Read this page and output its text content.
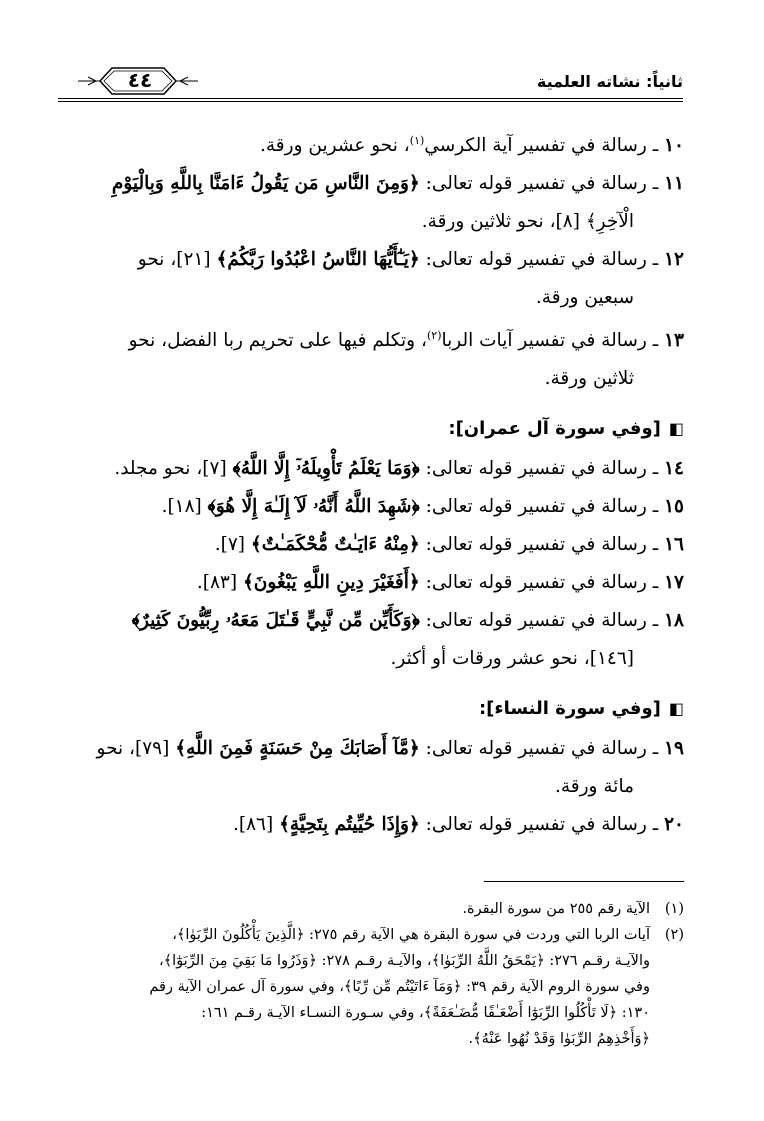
ثانياً: نشاته العلمية
٤٤
١٠ـ رسالة في تفسير آية الكرسي$^{(١)}$، نحو عشرين ورقة.
١١ـ رسالة في تفسير قوله تعالى: ﴿وَمِنَ النَّاسِ مَن يَقُولُ ءَامَنَّا بِاللَّهِ وَبِالْيَوْمِ
الْآخِرِ﴾ [٨]، نحو ثلاثين ورقة.
١٢ـ رسالة في تفسير قوله تعالى: ﴿يَـٰٓأَيُّهَا النَّاسُ اعْبُدُوا رَبَّكُمُ﴾ [٢١]، نحو
سبعين ورقة.
١٣ـ رسالة في تفسير آيات الربا$^{(٢)}$، وتكلم فيها على تحريم ربا الفضل، نحو
ثلاثين ورقة.
◧[وفي سورة آل عمران]:
١٤ـ رسالة في تفسير قوله تعالى: ﴿وَمَا يَعْلَمُ تَأْوِيلَهُۥٓ إِلَّا اللَّهُ﴾ [٧]، نحو مجلد.
١٥ـ رسالة في تفسير قوله تعالى: ﴿شَهِدَ اللَّهُ أَنَّهُۥ لَآ إِلَـٰهَ إِلَّا هُوَ﴾ [١٨].
١٦ـ رسالة في تفسير قوله تعالى: ﴿مِنْهُ ءَايَـٰتٌ مُّحْكَمَـٰتٌ﴾ [٧].
١٧ـ رسالة في تفسير قوله تعالى: ﴿أَفَغَيْرَ دِينِ اللَّهِ يَبْغُونَ﴾ [٨٣].
١٨ـ رسالة في تفسير قوله تعالى: ﴿وَكَأَيِّن مِّن نَّبِيٍّ قَـٰتَلَ مَعَهُۥ رِبِّيُّونَ كَثِيرٌ﴾
[١٤٦]، نحو عشر ورقات أو أكثر.
◧[وفي سورة النساء]:
١٩ـ رسالة في تفسير قوله تعالى: ﴿مَّآ أَصَابَكَ مِنْ حَسَنَةٍ فَمِنَ اللَّهِ﴾ [٧٩]، نحو
مائة ورقة.
٢٠ـ رسالة في تفسير قوله تعالى: ﴿وَإِذَا حُيِّيتُم بِتَحِيَّةٍ﴾ [٨٦].
(١)الآية رقم ٢٥٥ من سورة البقرة.
(٢)آيات الربا التي وردت في سورة البقرة هي الآية رقم ٢٧٥: ﴿الَّذِينَ يَأْكُلُونَ الرِّبَوٰا﴾،
والآيـة رقـم ٢٧٦: ﴿يَمْحَقُ اللَّهُ الرِّبَوٰا﴾، والآيـة رقـم ٢٧٨: ﴿وَذَرُوا مَا بَقِيَ مِنَ الرِّبَوٰٓا﴾،
وفي سورة الروم الآية رقم ٣٩: ﴿وَمَآ ءَاتَيْتُم مِّن رِّبًا﴾، وفي سورة آل عمران الآية رقم
١٣٠: ﴿لَا تَأْكُلُوا الرِّبَوٰٓا أَضْعَـٰفًا مُّضَـٰعَفَةً﴾، وفي سـورة النسـاء الآيـة رقـم ١٦١:
﴿وَأَخْذِهِمُ الرِّبَوٰا وَقَدْ نُهُوا عَنْهُ﴾.
